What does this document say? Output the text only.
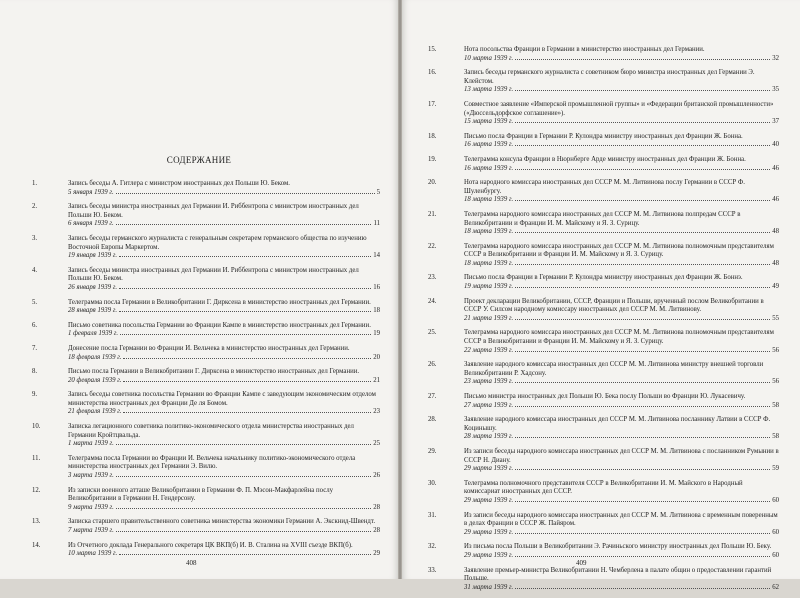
СОДЕРЖАНИЕ
1.	Запись беседы А. Гитлера с министром иностранных дел Польши Ю. Беком.
5 января 1939 г.	5
2.	Запись беседы министра иностранных дел Германии И. Риббентропа с министром иностранных дел Польши Ю. Беком.
6 января 1939 г.	11
3.	Запись беседы германского журналиста с генеральным секретарем германского общества по изучению Восточной Европы Маркертом.
19 января 1939 г.	14
4.	Запись беседы министра иностранных дел Германии И. Риббентропа с министром иностранных дел Польши Ю. Беком.
26 января 1939 г.	16
5.	Телеграмма посла Германии в Великобритании Г. Дирксена в министерство иностранных дел Германии.
28 января 1939 г.	18
6.	Письмо советника посольства Германии во Франции Кампе в министерство иностранных дел Германии.
1 февраля 1939 г.	19
7.	Донесение посла Германии во Франции И. Вельчека в министерство иностранных дел Германии.
18 февраля 1939 г.	20
8.	Письмо посла Германии в Великобритании Г. Дирксена в министерство иностранных дел Германии.
20 февраля 1939 г.	21
9.	Запись беседы советника посольства Германии во Франции Кампе с заведующим экономическим отделом министерства иностранных дел Франции Де ля Бомом.
21 февраля 1939 г.	23
10.	Записка легационного советника политико-экономического отдела министерства иностранных дел Германии Кройтцвальда.
1 марта 1939 г.	25
11.	Телеграмма посла Германии во Франции И. Вельчека начальнику политико-экономического отдела министерства иностранных дел Германии Э. Вилю.
3 марта 1939 г.	26
12.	Из записки военного атташе Великобритании в Германии Ф. П. Мэсон-Макфарлейна послу Великобритании в Германии Н. Гендерсону.
9 марта 1939 г.	28
13.	Записка старшего правительственного советника министерства экономики Германии А. Экскнид-Швендт.
7 марта 1939 г.	28
14.	Из Отчетного доклада Генерального секретаря ЦК ВКП(б) И. В. Сталина на XVIII съезде ВКП(б).
10 марта 1939 г.	29
408
15.	Нота посольства Франции в Германии в министерство иностранных дел Германии.
10 марта 1939 г.	32
16.	Запись беседы германского журналиста с советником бюро министра иностранных дел Германии Э. Клейстом.
13 марта 1939 г.	35
17.	Совместное заявление «Имперской промышленной группы» и «Федерации британской промышленности» («Дюссельдорфское соглашение»).
15 марта 1939 г.	37
18.	Письмо посла Франции в Германии Р. Кулондра министру иностранных дел Франции Ж. Бонна.
16 марта 1939 г.	40
19.	Телеграмма консула Франции в Нюрнберге Арде министру иностранных дел Франции Ж. Бонна.
16 марта 1939 г.	46
20.	Нота народного комиссара иностранных дел СССР М. М. Литвинова послу Германии в СССР Ф. Шуленбургу.
18 марта 1939 г.	46
21.	Телеграмма народного комиссара иностранных дел СССР М. М. Литвинова полпредам СССР в Великобритании и Франции И. М. Майскому и Я. З. Сурицу.
18 марта 1939 г.	48
22.	Телеграмма народного комиссара иностранных дел СССР М. М. Литвинова полномочным представителям СССР в Великобритании и Франции И. М. Майскому и Я. З. Сурицу.
18 марта 1939 г.	48
23.	Письмо посла Франции в Германии Р. Кулондра министру иностранных дел Франции Ж. Боннэ.
19 марта 1939 г.	49
24.	Проект декларации Великобритании, СССР, Франции и Польши, врученный послом Великобритании в СССР У. Силсом народному комиссару иностранных дел СССР М. М. Литвинову.
21 марта 1939 г.	55
25.	Телеграмма народного комиссара иностранных дел СССР М. М. Литвинова полномочным представителям СССР в Великобритании и Франции И. М. Майскому и Я. З. Сурицу.
22 марта 1939 г.	56
26.	Заявление народного комиссара иностранных дел СССР М. М. Литвинова министру внешней торговли Великобритании Р. Хадсону.
23 марта 1939 г.	56
27.	Письмо министра иностранных дел Польши Ю. Бека послу Польши во Франции Ю. Лукасевичу.
27 марта 1939 г.	58
28.	Заявление народного комиссара иностранных дел СССР М. М. Литвинова посланнику Латвии в СССР Ф. Коцинышу.
28 марта 1939 г.	58
29.	Из записи беседы народного комиссара иностранных дел СССР М. М. Литвинова с посланником Румынии в СССР Н. Диану.
29 марта 1939 г.	59
30.	Телеграмма полномочного представителя СССР в Великобритании И. М. Майского в Народный комиссариат иностранных дел СССР.
29 марта 1939 г.	60
31.	Из записи беседы народного комиссара иностранных дел СССР М. М. Литвинова с временным поверенным в делах Франции в СССР Ж. Пайяром.
29 марта 1939 г.	60
32.	Из письма посла Польши в Великобритании Э. Рачиньского министру иностранных дел Польши Ю. Беку.
29 марта 1939 г.	60
33.	Заявление премьер-министра Великобритании Н. Чемберлена в палате общин о предоставлении гарантий Польше.
31 марта 1939 г.	62
409
